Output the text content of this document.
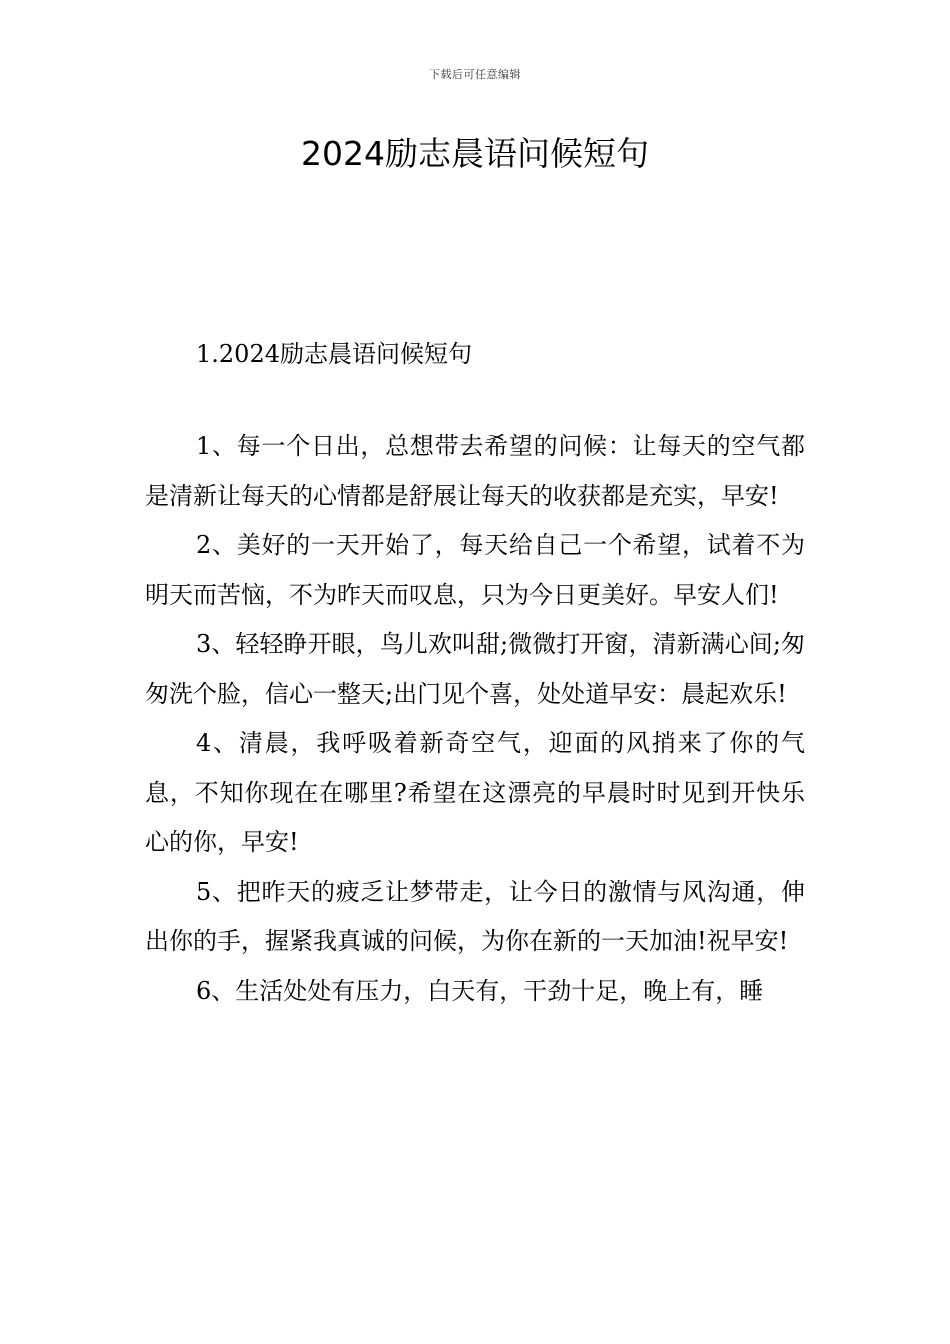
下载后可任意编辑
2024励志晨语问候短句

1.2024励志晨语问候短句

1、每一个日出，总想带去希望的问候：让每天的空气都是清新让每天的心情都是舒展让每天的收获都是充实，早安!

2、美好的一天开始了，每天给自己一个希望，试着不为明天而苦恼，不为昨天而叹息，只为今日更美好。早安人们!

3、轻轻睁开眼，鸟儿欢叫甜;微微打开窗，清新满心间;匆匆洗个脸，信心一整天;出门见个喜，处处道早安：晨起欢乐!

4、清晨，我呼吸着新奇空气，迎面的风捎来了你的气息，不知你现在在哪里?希望在这漂亮的早晨时时见到开快乐心的你，早安!

5、把昨天的疲乏让梦带走，让今日的激情与风沟通，伸出你的手，握紧我真诚的问候，为你在新的一天加油!祝早安!

6、生活处处有压力，白天有，干劲十足，晚上有，睡
